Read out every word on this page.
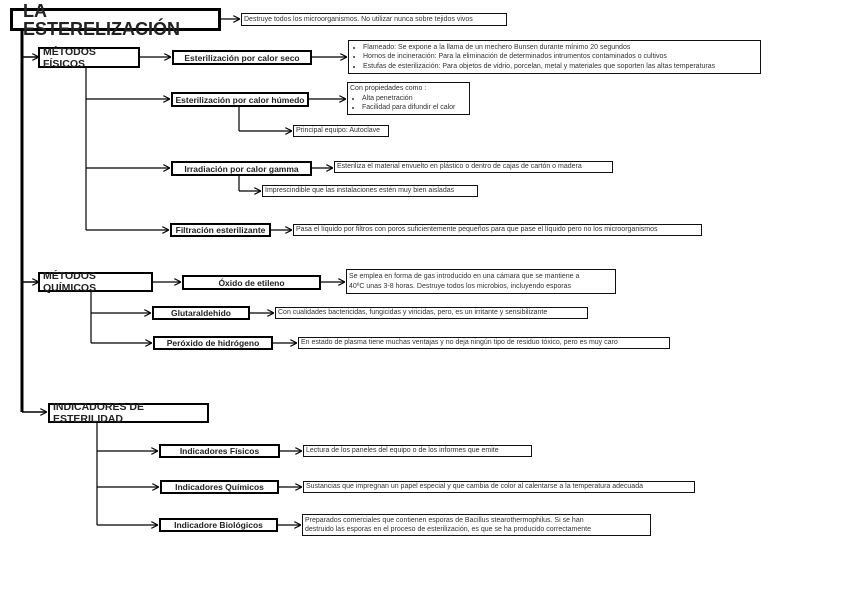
LA ESTERELIZACIÓN	Destruye todos los microorganismos. No utilizar nunca sobre tejidos vivos
MÉTODOS FÍSICOS	Esterilización por calor seco
• Flameado: Se expone a la llama de un mechero Bunsen durante mínimo 20 segundos
• Hornos de incineración: Para la eliminación de determinados intrumentos contaminados o cultivos
• Estufas de esterilización: Para objetos de vidrio, porcelan, metal y materiales que soporten las altas temperaturas
Esterilización por calor húmedo
Con propiedades como :
• Alta penetración
• Facilidad para difundir el calor
Principal equipo: Autoclave
Irradiación por calor gamma	Esteriliza el material envuelto en plástico o dentro de cajas de cartón o madera
Imprescindible que las instalaciones estén muy bien aisladas
Filtración esterilizante	Pasa el líquido por filtros con poros suficientemente pequeños para que pase el líquido pero no los microorganismos
MÉTODOS QUÍMICOS	Óxido de etileno
Se emplea en forma de gas introducido en una cámara que se mantiene a
40ºC unas 3-8 horas. Destruye todos los microbios, incluyendo esporas
Glutaraldehido	Con cualidades bactericidas, fungicidas y viricidas, pero, es un irritante y sensibilizante
Peróxido de hidrógeno	En estado de plasma tiene muchas ventajas y no deja ningún tipo de residuo tóxico, pero es muy caro
INDICADORES DE ESTERILIDAD
Indicadores Físicos	Lectura de los paneles del equipo o de los informes que emite
Indicadores Químicos	Sustancias que impregnan un papel especial y que cambia de color al calentarse a la temperatura adecuada
Indicadore Biológicos	Preparados comerciales que contienen esporas de Bacillus stearothermophilus. Si se han
destruido las esporas en el proceso de esterilización, es que se ha producido correctamente
